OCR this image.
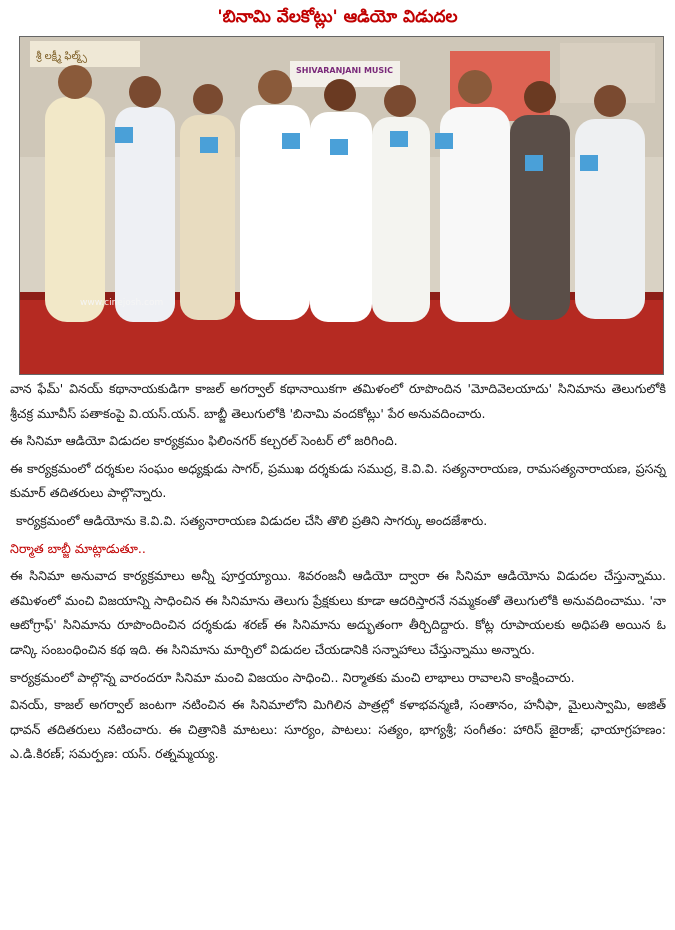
'బినామి వేలకోట్లు' ఆడియో విడుదల
శ్రీ లక్ష్మీ ఫిల్మ్స్
SHIVARANJANI MUSIC
www.cinejosh.com

వాన ఫేమ్' వినయ్ కథానాయకుడిగా కాజల్ అగర్వాల్ కథానాయికగా తమిళంలో రూపొందిన 'మోదివెలయాదు' సినిమాను తెలుగులోకి శ్రీచక్ర మూవీస్ పతాకంపై వి.యస్.యన్. బాబ్జీ తెలుగులోకి 'బినామి వందకోట్లు' పేర అనువదించారు.

ఈ సినిమా ఆడియో విడుదల కార్యక్రమం ఫిలింనగర్ కల్చరల్ సెంటర్ లో జరిగింది.

ఈ కార్యక్రమంలో దర్శకుల సంఘం అధ్యక్షుడు సాగర్, ప్రముఖ దర్శకుడు సముద్ర, కె.వి.వి. సత్యనారాయణ, రామసత్యనారాయణ, ప్రసన్న కుమార్ తదితరులు పాల్గొన్నారు.

కార్యక్రమంలో ఆడియోను కె.వి.వి. సత్యనారాయణ విడుదల చేసి తొలి ప్రతిని సాగర్కు అందజేశారు.

నిర్మాత బాబ్జీ మాట్లాడుతూ..

ఈ సినిమా అనువాద కార్యక్రమాలు అన్నీ పూర్తయ్యాయి. శివరంజనీ ఆడియో ద్వారా ఈ సినిమా ఆడియోను విడుదల చేస్తున్నాము. తమిళంలో మంచి విజయాన్ని సాధించిన ఈ సినిమాను తెలుగు ప్రేక్షకులు కూడా ఆదరిస్తారనే నమ్మకంతో తెలుగులోకి అనువదించాము. 'నా ఆటోగ్రాఫ్' సినిమాను రూపొందించిన దర్శకుడు శరణ్ ఈ సినిమాను అద్భుతంగా తీర్చిదిద్దారు. కోట్ల రూపాయలకు అధిపతి అయిన ఓ డాన్కి సంబంధించిన కథ ఇది. ఈ సినిమాను మార్చిలో విడుదల చేయడానికి సన్నాహాలు చేస్తున్నాము అన్నారు.

కార్యక్రమంలో పాల్గొన్న వారందరూ సినిమా మంచి విజయం సాధించి.. నిర్మాతకు మంచి లాభాలు రావాలని కాంక్షించారు.

వినయ్, కాజల్ అగర్వాల్ జంటగా నటించిన ఈ సినిమాలోని మిగిలిన పాత్రల్లో కళాభవన్మణి, సంతానం, హనీఫా, మైలుస్వామి, అజిత్ ధావన్ తదితరులు నటించారు. ఈ చిత్రానికి మాటలు: సూర్యం, పాటలు: సత్యం, భాగ్యశ్రీ; సంగీతం: హారిస్ జైరాజ్; ఛాయాగ్రహణం: ఎ.డి.కిరణ్; సమర్పణ: యస్. రత్నమ్మయ్య.
